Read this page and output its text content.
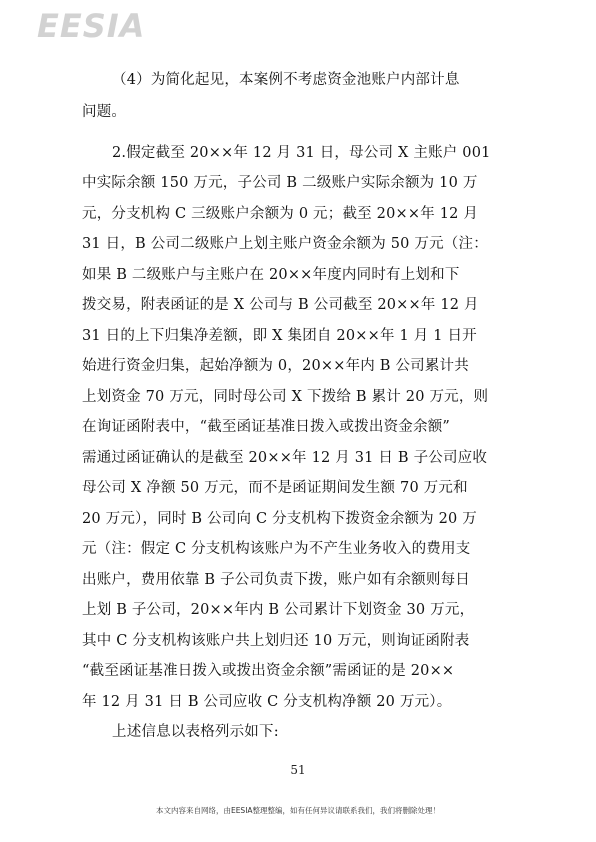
EESIA
（4）为简化起见，本案例不考虑资金池账户内部计息
问题。
2.假定截至 20××年 12 月 31 日，母公司 X 主账户 001
中实际余额 150 万元，子公司 B 二级账户实际余额为 10 万
元，分支机构 C 三级账户余额为 0 元；截至 20××年 12 月
31 日，B 公司二级账户上划主账户资金余额为 50 万元（注：
如果 B 二级账户与主账户在 20××年度内同时有上划和下
拨交易，附表函证的是 X 公司与 B 公司截至 20××年 12 月
31 日的上下归集净差额，即 X 集团自 20××年 1 月 1 日开
始进行资金归集，起始净额为 0，20××年内 B 公司累计共
上划资金 70 万元，同时母公司 X 下拨给 B 累计 20 万元，则
在询证函附表中，“截至函证基准日拨入或拨出资金余额”
需通过函证确认的是截至 20××年 12 月 31 日 B 子公司应收
母公司 X 净额 50 万元，而不是函证期间发生额 70 万元和
20 万元），同时 B 公司向 C 分支机构下拨资金余额为 20 万
元（注：假定 C 分支机构该账户为不产生业务收入的费用支
出账户，费用依靠 B 子公司负责下拨，账户如有余额则每日
上划 B 子公司，20××年内 B 公司累计下划资金 30 万元，
其中 C 分支机构该账户共上划归还 10 万元，则询证函附表
“截至函证基准日拨入或拨出资金余额”需函证的是 20××
年 12 月 31 日 B 公司应收 C 分支机构净额 20 万元）。
上述信息以表格列示如下:
51
本文内容来自网络，由EESIA整理整编，如有任何异议请联系我们，我们将删除处理！
